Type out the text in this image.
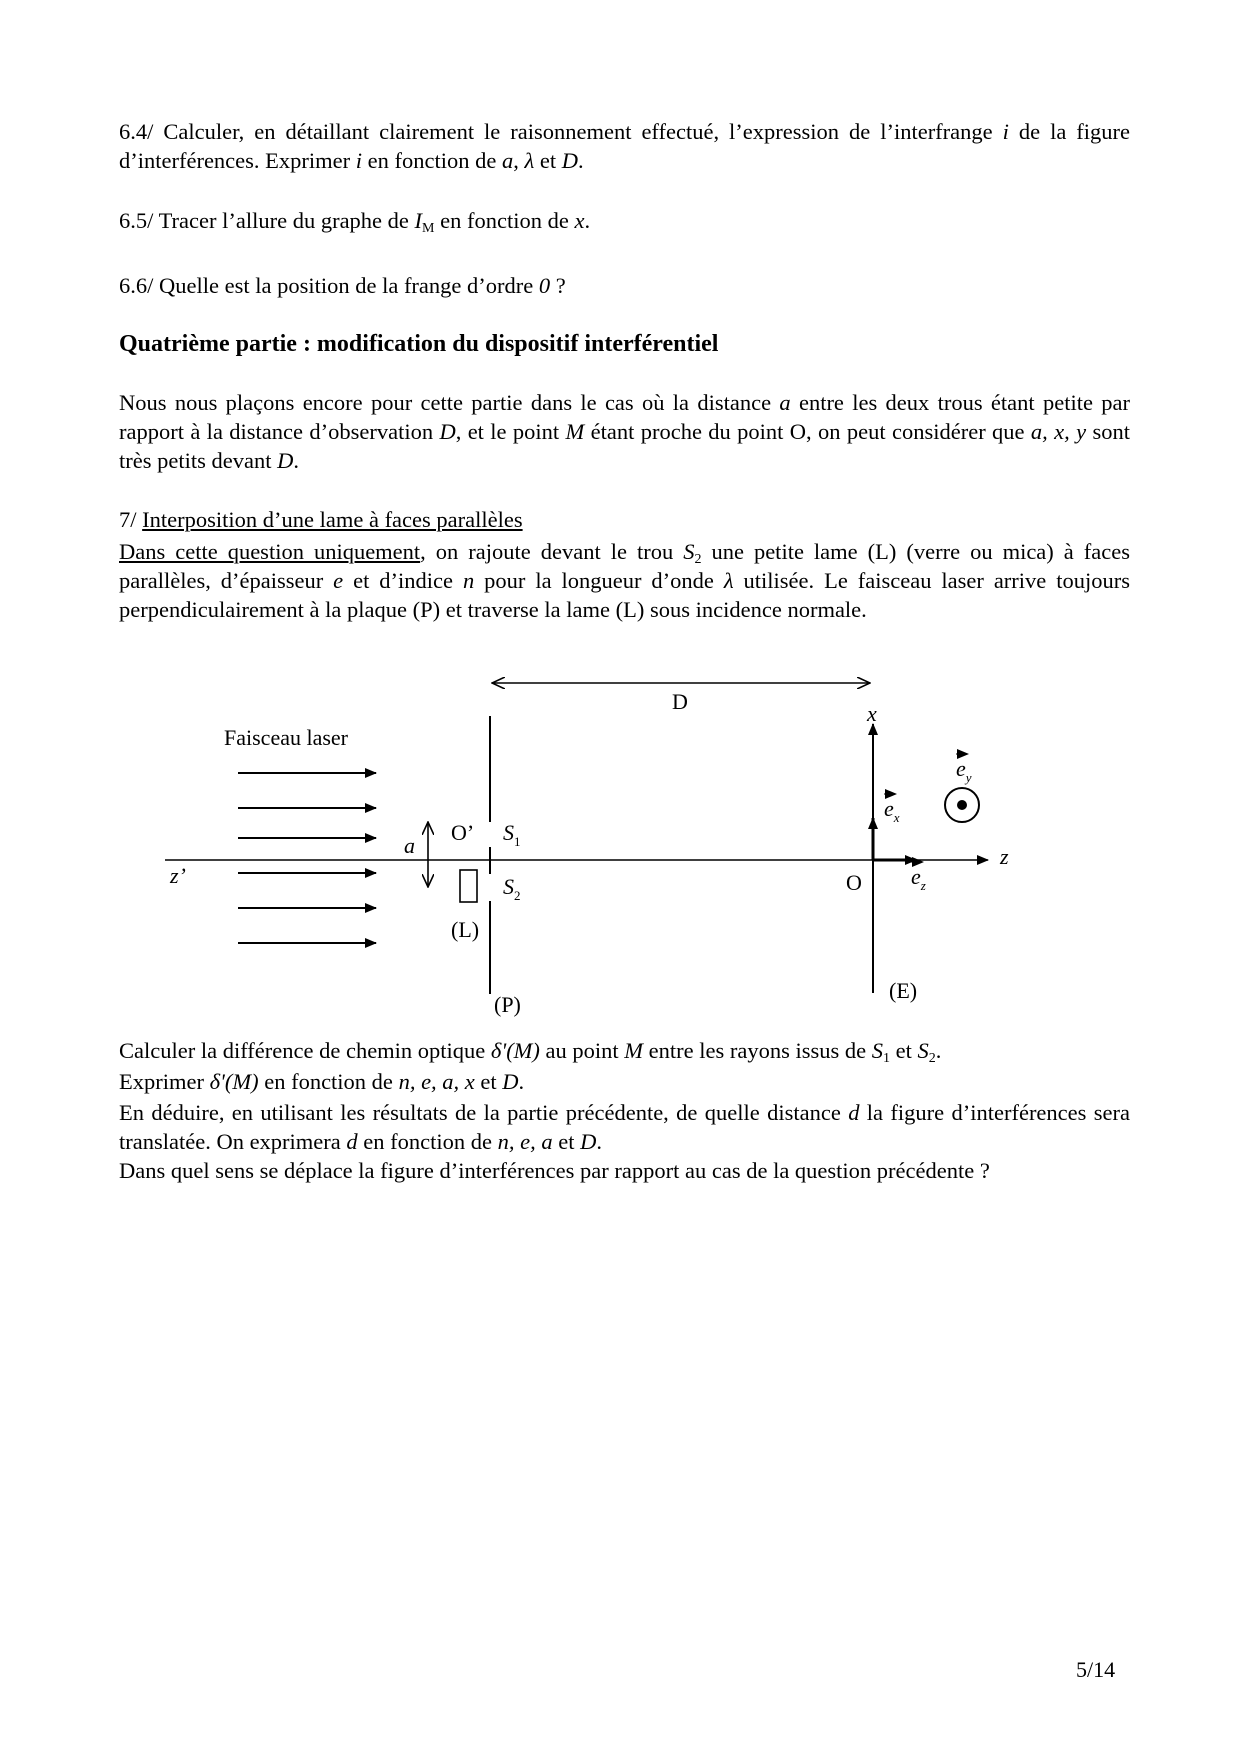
6.4/ Calculer, en détaillant clairement le raisonnement effectué, l’expression de l’interfrange i de la figure d’interférences. Exprimer i en fonction de a, λ et D.

6.5/ Tracer l’allure du graphe de $I_M$ en fonction de x.

6.6/ Quelle est la position de la frange d’ordre 0 ?

Quatrième partie : modification du dispositif interférentiel

Nous nous plaçons encore pour cette partie dans le cas où la distance a entre les deux trous étant petite par rapport à la distance d’observation D, et le point M étant proche du point O, on peut considérer que a, x, y sont très petits devant D.

7/ Interposition d’une lame à faces parallèles

Dans cette question uniquement, on rajoute devant le trou $S_2$ une petite lame (L) (verre ou mica) à faces parallèles, d’épaisseur e et d’indice n pour la longueur d’onde λ utilisée. Le faisceau laser arrive toujours perpendiculairement à la plaque (P) et traverse la lame (L) sous incidence normale.

D
Faisceau laser
z’
z
(P)
a
O’ $S_1$
$S_2$
(L)
x
(E)
O
$e_x$
$e_z$
$e_y$

Calculer la différence de chemin optique δ'(M) au point M entre les rayons issus de $S_1$ et $S_2$.

Exprimer δ'(M) en fonction de n, e, a, x et D.

En déduire, en utilisant les résultats de la partie précédente, de quelle distance d la figure d’interférences sera translatée. On exprimera d en fonction de n, e, a et D.

Dans quel sens se déplace la figure d’interférences par rapport au cas de la question précédente ?

5/14
